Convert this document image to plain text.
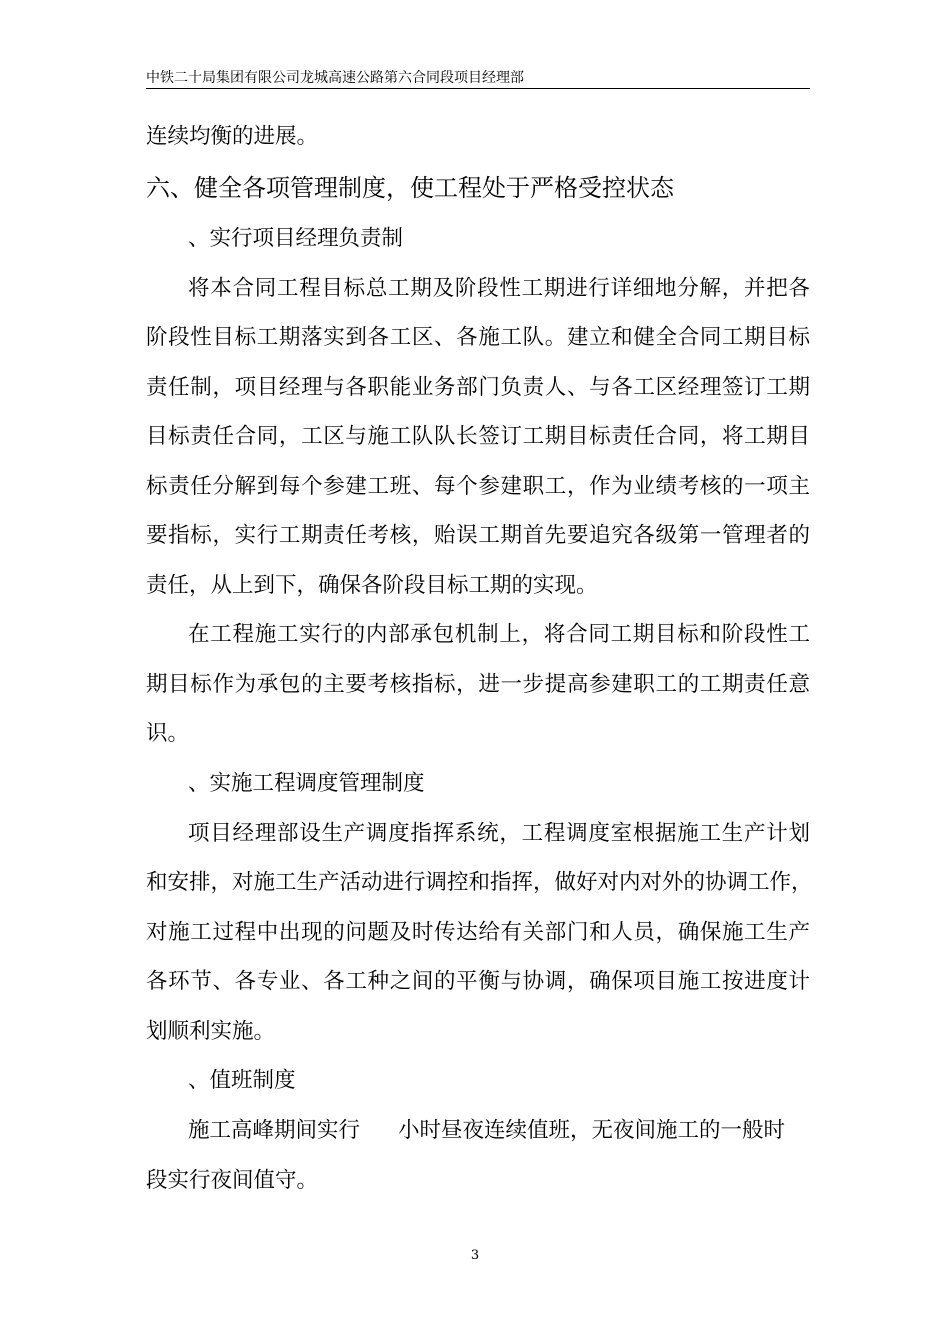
中铁二十局集团有限公司龙城高速公路第六合同段项目经理部
连续均衡的进展。
六、健全各项管理制度，使工程处于严格受控状态
、实行项目经理负责制
将本合同工程目标总工期及阶段性工期进行详细地分解，并把各
阶段性目标工期落实到各工区、各施工队。建立和健全合同工期目标
责任制，项目经理与各职能业务部门负责人、与各工区经理签订工期
目标责任合同，工区与施工队队长签订工期目标责任合同，将工期目
标责任分解到每个参建工班、每个参建职工，作为业绩考核的一项主
要指标，实行工期责任考核，贻误工期首先要追究各级第一管理者的
责任，从上到下，确保各阶段目标工期的实现。
在工程施工实行的内部承包机制上，将合同工期目标和阶段性工
期目标作为承包的主要考核指标，进一步提高参建职工的工期责任意
识。
、实施工程调度管理制度
项目经理部设生产调度指挥系统，工程调度室根据施工生产计划
和安排，对施工生产活动进行调控和指挥，做好对内对外的协调工作，
对施工过程中出现的问题及时传达给有关部门和人员，确保施工生产
各环节、各专业、各工种之间的平衡与协调，确保项目施工按进度计
划顺利实施。
、值班制度
施工高峰期间实行 小时昼夜连续值班，无夜间施工的一般时
段实行夜间值守。
3
